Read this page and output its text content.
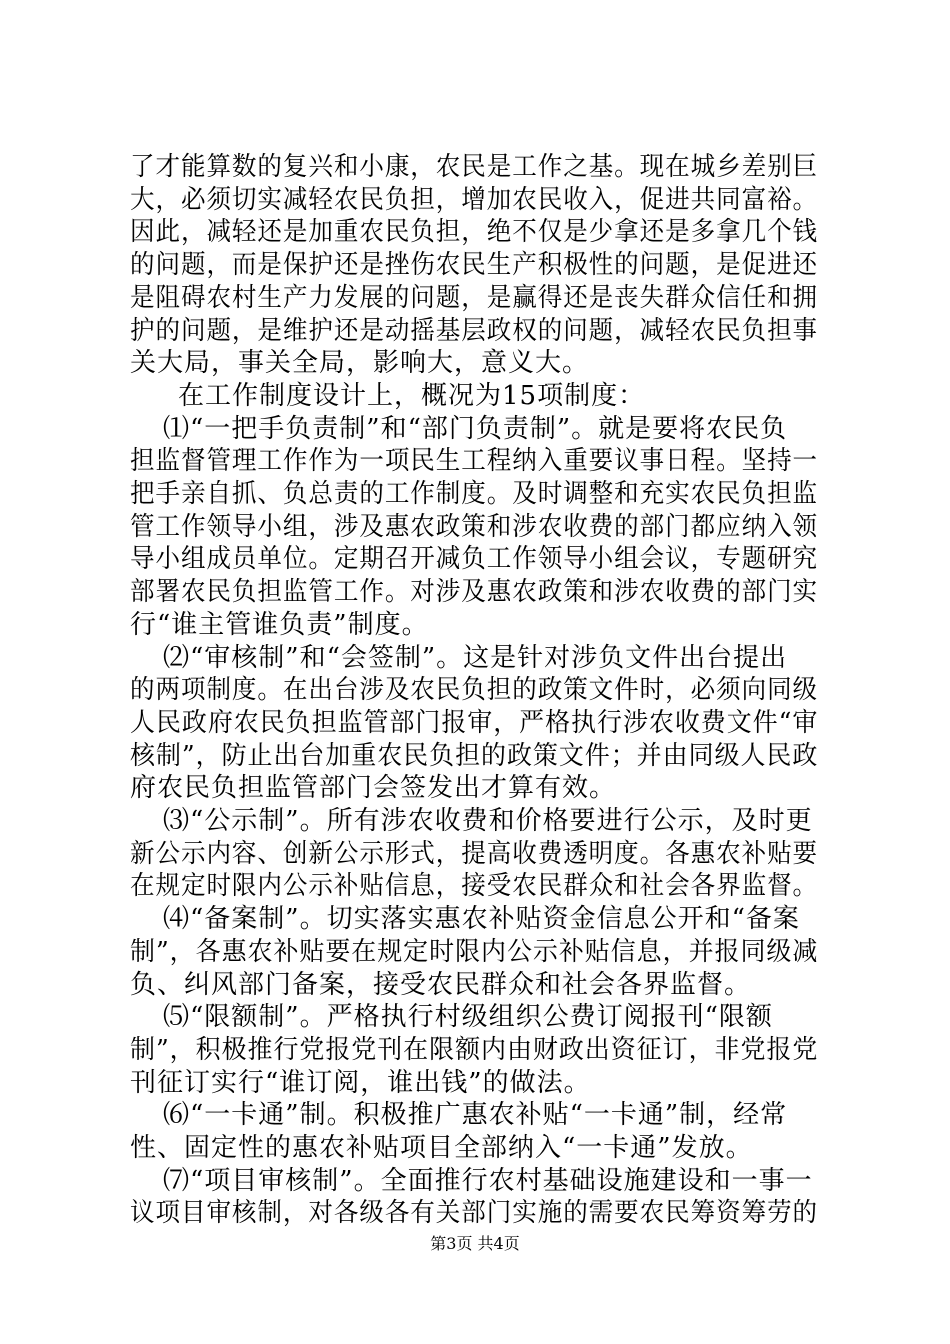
了才能算数的复兴和小康，农民是工作之基。现在城乡差别巨
大，必须切实减轻农民负担，增加农民收入，促进共同富裕。
因此，减轻还是加重农民负担，绝不仅是少拿还是多拿几个钱
的问题，而是保护还是挫伤农民生产积极性的问题，是促进还
是阻碍农村生产力发展的问题，是赢得还是丧失群众信任和拥
护的问题，是维护还是动摇基层政权的问题，减轻农民负担事
关大局，事关全局，影响大，意义大。
在工作制度设计上，概况为15项制度：
⑴“一把手负责制”和“部门负责制”。就是要将农民负
担监督管理工作作为一项民生工程纳入重要议事日程。坚持一
把手亲自抓、负总责的工作制度。及时调整和充实农民负担监
管工作领导小组，涉及惠农政策和涉农收费的部门都应纳入领
导小组成员单位。定期召开减负工作领导小组会议，专题研究
部署农民负担监管工作。对涉及惠农政策和涉农收费的部门实
行“谁主管谁负责”制度。
⑵“审核制”和“会签制”。这是针对涉负文件出台提出
的两项制度。在出台涉及农民负担的政策文件时，必须向同级
人民政府农民负担监管部门报审，严格执行涉农收费文件“审
核制”，防止出台加重农民负担的政策文件；并由同级人民政
府农民负担监管部门会签发出才算有效。
⑶“公示制”。所有涉农收费和价格要进行公示，及时更
新公示内容、创新公示形式，提高收费透明度。各惠农补贴要
在规定时限内公示补贴信息，接受农民群众和社会各界监督。
⑷“备案制”。切实落实惠农补贴资金信息公开和“备案
制”，各惠农补贴要在规定时限内公示补贴信息，并报同级减
负、纠风部门备案，接受农民群众和社会各界监督。
⑸“限额制”。严格执行村级组织公费订阅报刊“限额
制”，积极推行党报党刊在限额内由财政出资征订，非党报党
刊征订实行“谁订阅，谁出钱”的做法。
⑹“一卡通”制。积极推广惠农补贴“一卡通”制，经常
性、固定性的惠农补贴项目全部纳入“一卡通”发放。
⑺“项目审核制”。全面推行农村基础设施建设和一事一
议项目审核制，对各级各有关部门实施的需要农民筹资筹劳的
第3页 共4页
